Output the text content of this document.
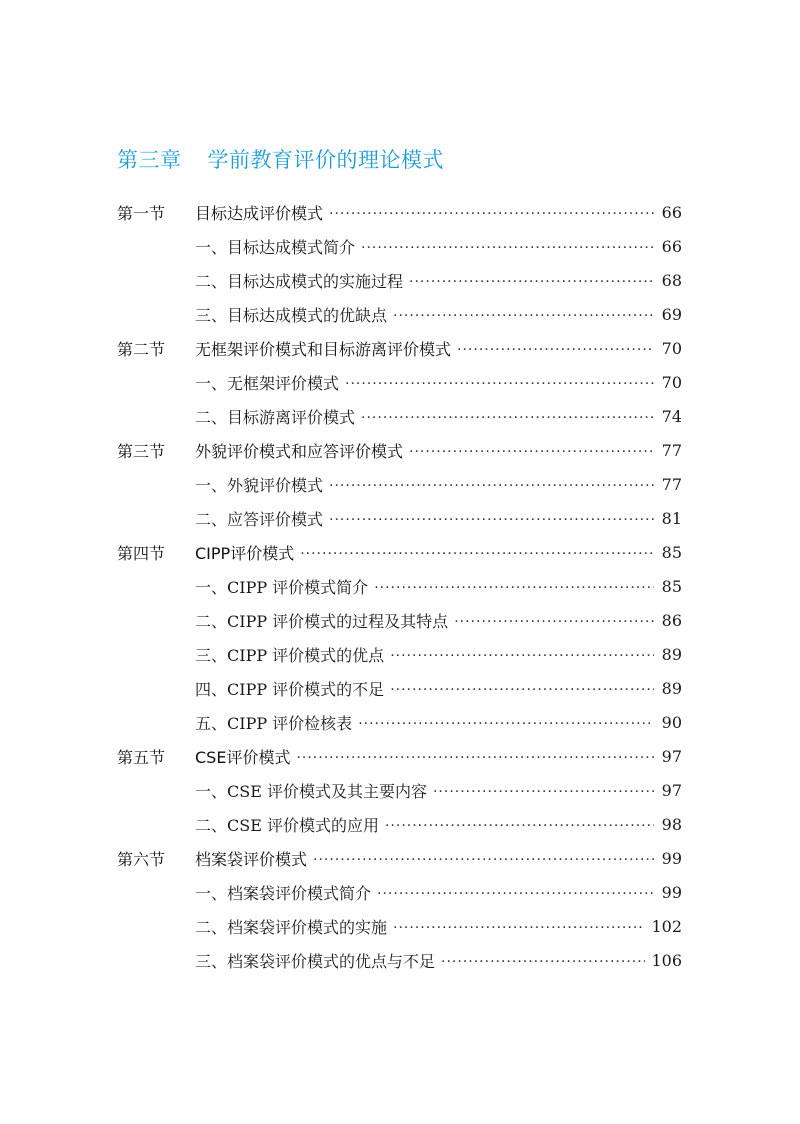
第三章 学前教育评价的理论模式
第一节	目标达成评价模式 ·····	66
一、目标达成模式简介 ·····	66
二、目标达成模式的实施过程 ·····	68
三、目标达成模式的优缺点 ·····	69
第二节	无框架评价模式和目标游离评价模式 ·····	70
一、无框架评价模式 ·····	70
二、目标游离评价模式 ·····	74
第三节	外貌评价模式和应答评价模式 ·····	77
一、外貌评价模式 ·····	77
二、应答评价模式 ·····	81
第四节	CIPP评价模式 ·····	85
一、CIPP 评价模式简介 ·····	85
二、CIPP 评价模式的过程及其特点 ·····	86
三、CIPP 评价模式的优点 ·····	89
四、CIPP 评价模式的不足 ·····	89
五、CIPP 评价检核表 ·····	90
第五节	CSE评价模式 ·····	97
一、CSE 评价模式及其主要内容 ·····	97
二、CSE 评价模式的应用 ·····	98
第六节	档案袋评价模式 ·····	99
一、档案袋评价模式简介 ·····	99
二、档案袋评价模式的实施 ·····	102
三、档案袋评价模式的优点与不足 ·····	106
